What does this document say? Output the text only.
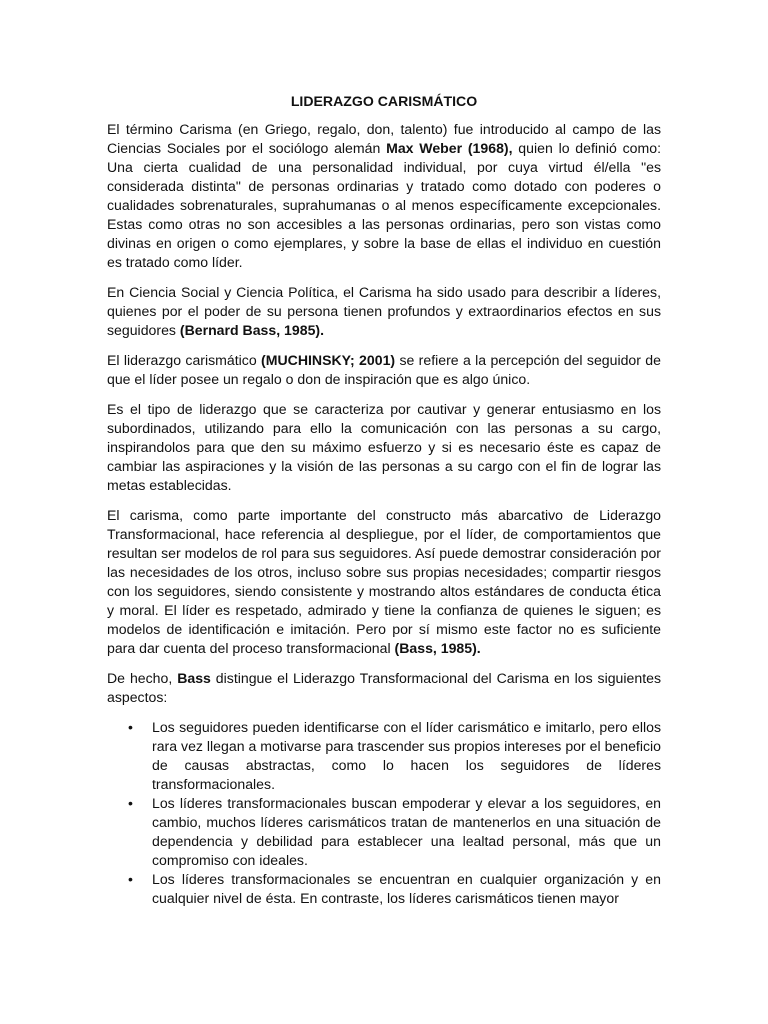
LIDERAZGO CARISMÁTICO

El término Carisma (en Griego, regalo, don, talento) fue introducido al campo de las Ciencias Sociales por el sociólogo alemán Max Weber (1968), quien lo definió como: Una cierta cualidad de una personalidad individual, por cuya virtud él/ella "es considerada distinta" de personas ordinarias y tratado como dotado con poderes o cualidades sobrenaturales, suprahumanas o al menos específicamente excepcionales. Estas como otras no son accesibles a las personas ordinarias, pero son vistas como divinas en origen o como ejemplares, y sobre la base de ellas el individuo en cuestión es tratado como líder.

En Ciencia Social y Ciencia Política, el Carisma ha sido usado para describir a líderes, quienes por el poder de su persona tienen profundos y extraordinarios efectos en sus seguidores (Bernard Bass, 1985).

El liderazgo carismático (MUCHINSKY; 2001) se refiere a la percepción del seguidor de que el líder posee un regalo o don de inspiración que es algo único.

Es el tipo de liderazgo que se caracteriza por cautivar y generar entusiasmo en los subordinados, utilizando para ello la comunicación con las personas a su cargo, inspirandolos para que den su máximo esfuerzo y si es necesario éste es capaz de cambiar las aspiraciones y la visión de las personas a su cargo con el fin de lograr las metas establecidas.

El carisma, como parte importante del constructo más abarcativo de Liderazgo Transformacional, hace referencia al despliegue, por el líder, de comportamientos que resultan ser modelos de rol para sus seguidores. Así puede demostrar consideración por las necesidades de los otros, incluso sobre sus propias necesidades; compartir riesgos con los seguidores, siendo consistente y mostrando altos estándares de conducta ética y moral. El líder es respetado, admirado y tiene la confianza de quienes le siguen; es modelos de identificación e imitación. Pero por sí mismo este factor no es suficiente para dar cuenta del proceso transformacional (Bass, 1985).

De hecho, Bass distingue el Liderazgo Transformacional del Carisma en los siguientes aspectos:

• Los seguidores pueden identificarse con el líder carismático e imitarlo, pero ellos rara vez llegan a motivarse para trascender sus propios intereses por el beneficio de causas abstractas, como lo hacen los seguidores de líderes transformacionales.
• Los líderes transformacionales buscan empoderar y elevar a los seguidores, en cambio, muchos líderes carismáticos tratan de mantenerlos en una situación de dependencia y debilidad para establecer una lealtad personal, más que un compromiso con ideales.
• Los líderes transformacionales se encuentran en cualquier organización y en cualquier nivel de ésta. En contraste, los líderes carismáticos tienen mayor
